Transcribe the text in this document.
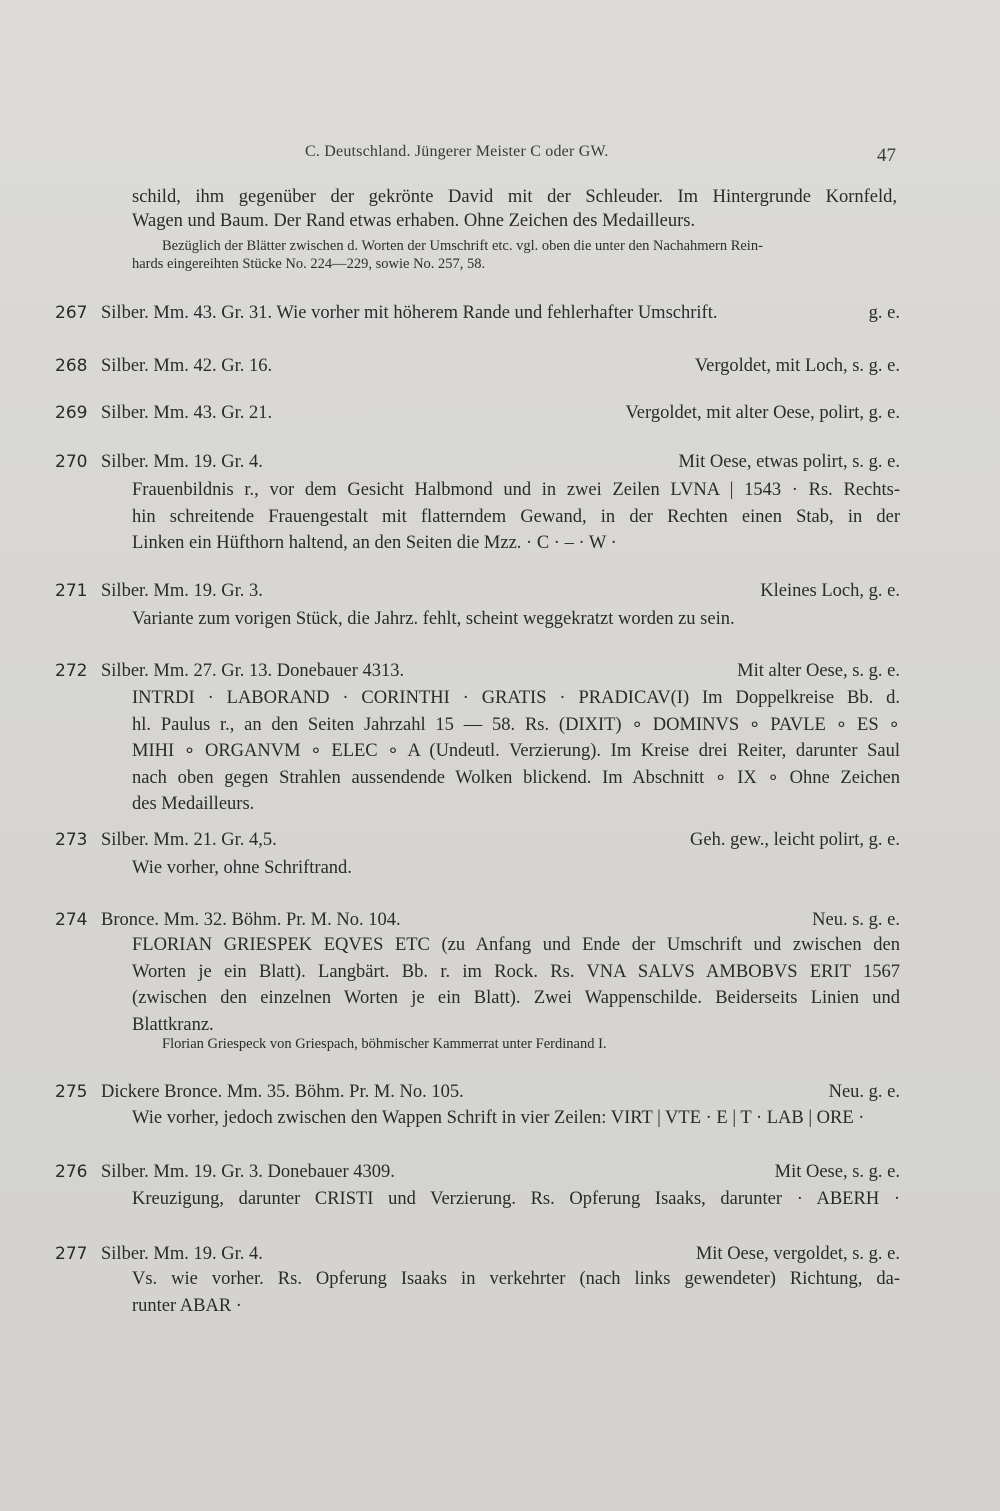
C. Deutschland. Jüngerer Meister C oder GW.	47
schild, ihm gegenüber der gekrönte David mit der Schleuder. Im Hintergrunde Kornfeld,
Wagen und Baum. Der Rand etwas erhaben. Ohne Zeichen des Medailleurs.
Bezüglich der Blätter zwischen d. Worten der Umschrift etc. vgl. oben die unter den Nachahmern Rein-
hards eingereihten Stücke No. 224—229, sowie No. 257, 58.
267 Silber. Mm. 43. Gr. 31. Wie vorher mit höherem Rande und fehlerhafter Umschrift.	g. e.
268 Silber. Mm. 42. Gr. 16.	Vergoldet, mit Loch, s. g. e.
269 Silber. Mm. 43. Gr. 21.	Vergoldet, mit alter Oese, polirt, g. e.
270 Silber. Mm. 19. Gr. 4.	Mit Oese, etwas polirt, s. g. e.
Frauenbildnis r., vor dem Gesicht Halbmond und in zwei Zeilen LVNA | 1543 · Rs. Rechts-
hin schreitende Frauengestalt mit flatterndem Gewand, in der Rechten einen Stab, in der
Linken ein Hüfthorn haltend, an den Seiten die Mzz. · C · – · W ·
271 Silber. Mm. 19. Gr. 3.	Kleines Loch, g. e.
Variante zum vorigen Stück, die Jahrz. fehlt, scheint weggekratzt worden zu sein.
272 Silber. Mm. 27. Gr. 13. Donebauer 4313.	Mit alter Oese, s. g. e.
INTRDI · LABORAND · CORINTHI · GRATIS · PRADICAV(I) Im Doppelkreise Bb. d.
hl. Paulus r., an den Seiten Jahrzahl 15 — 58. Rs. (DIXIT) ∘ DOMINVS ∘ PAVLE ∘ ES ∘
MIHI ∘ ORGANVM ∘ ELEC ∘ A (Undeutl. Verzierung). Im Kreise drei Reiter, darunter Saul
nach oben gegen Strahlen aussendende Wolken blickend. Im Abschnitt ∘ IX ∘ Ohne Zeichen
des Medailleurs.
273 Silber. Mm. 21. Gr. 4,5.	Geh. gew., leicht polirt, g. e.
Wie vorher, ohne Schriftrand.
274 Bronce. Mm. 32. Böhm. Pr. M. No. 104.	Neu. s. g. e.
FLORIAN GRIESPEK EQVES ETC (zu Anfang und Ende der Umschrift und zwischen den
Worten je ein Blatt). Langbärt. Bb. r. im Rock. Rs. VNA SALVS AMBOBVS ERIT 1567
(zwischen den einzelnen Worten je ein Blatt). Zwei Wappenschilde. Beiderseits Linien und
Blattkranz.
Florian Griespeck von Griespach, böhmischer Kammerrat unter Ferdinand I.
275 Dickere Bronce. Mm. 35. Böhm. Pr. M. No. 105.	Neu. g. e.
Wie vorher, jedoch zwischen den Wappen Schrift in vier Zeilen: VIRT | VTE · E | T · LAB | ORE ·
276 Silber. Mm. 19. Gr. 3. Donebauer 4309.	Mit Oese, s. g. e.
Kreuzigung, darunter CRISTI und Verzierung. Rs. Opferung Isaaks, darunter · ABERH ·
277 Silber. Mm. 19. Gr. 4.	Mit Oese, vergoldet, s. g. e.
Vs. wie vorher. Rs. Opferung Isaaks in verkehrter (nach links gewendeter) Richtung, da-
runter ABAR ·
